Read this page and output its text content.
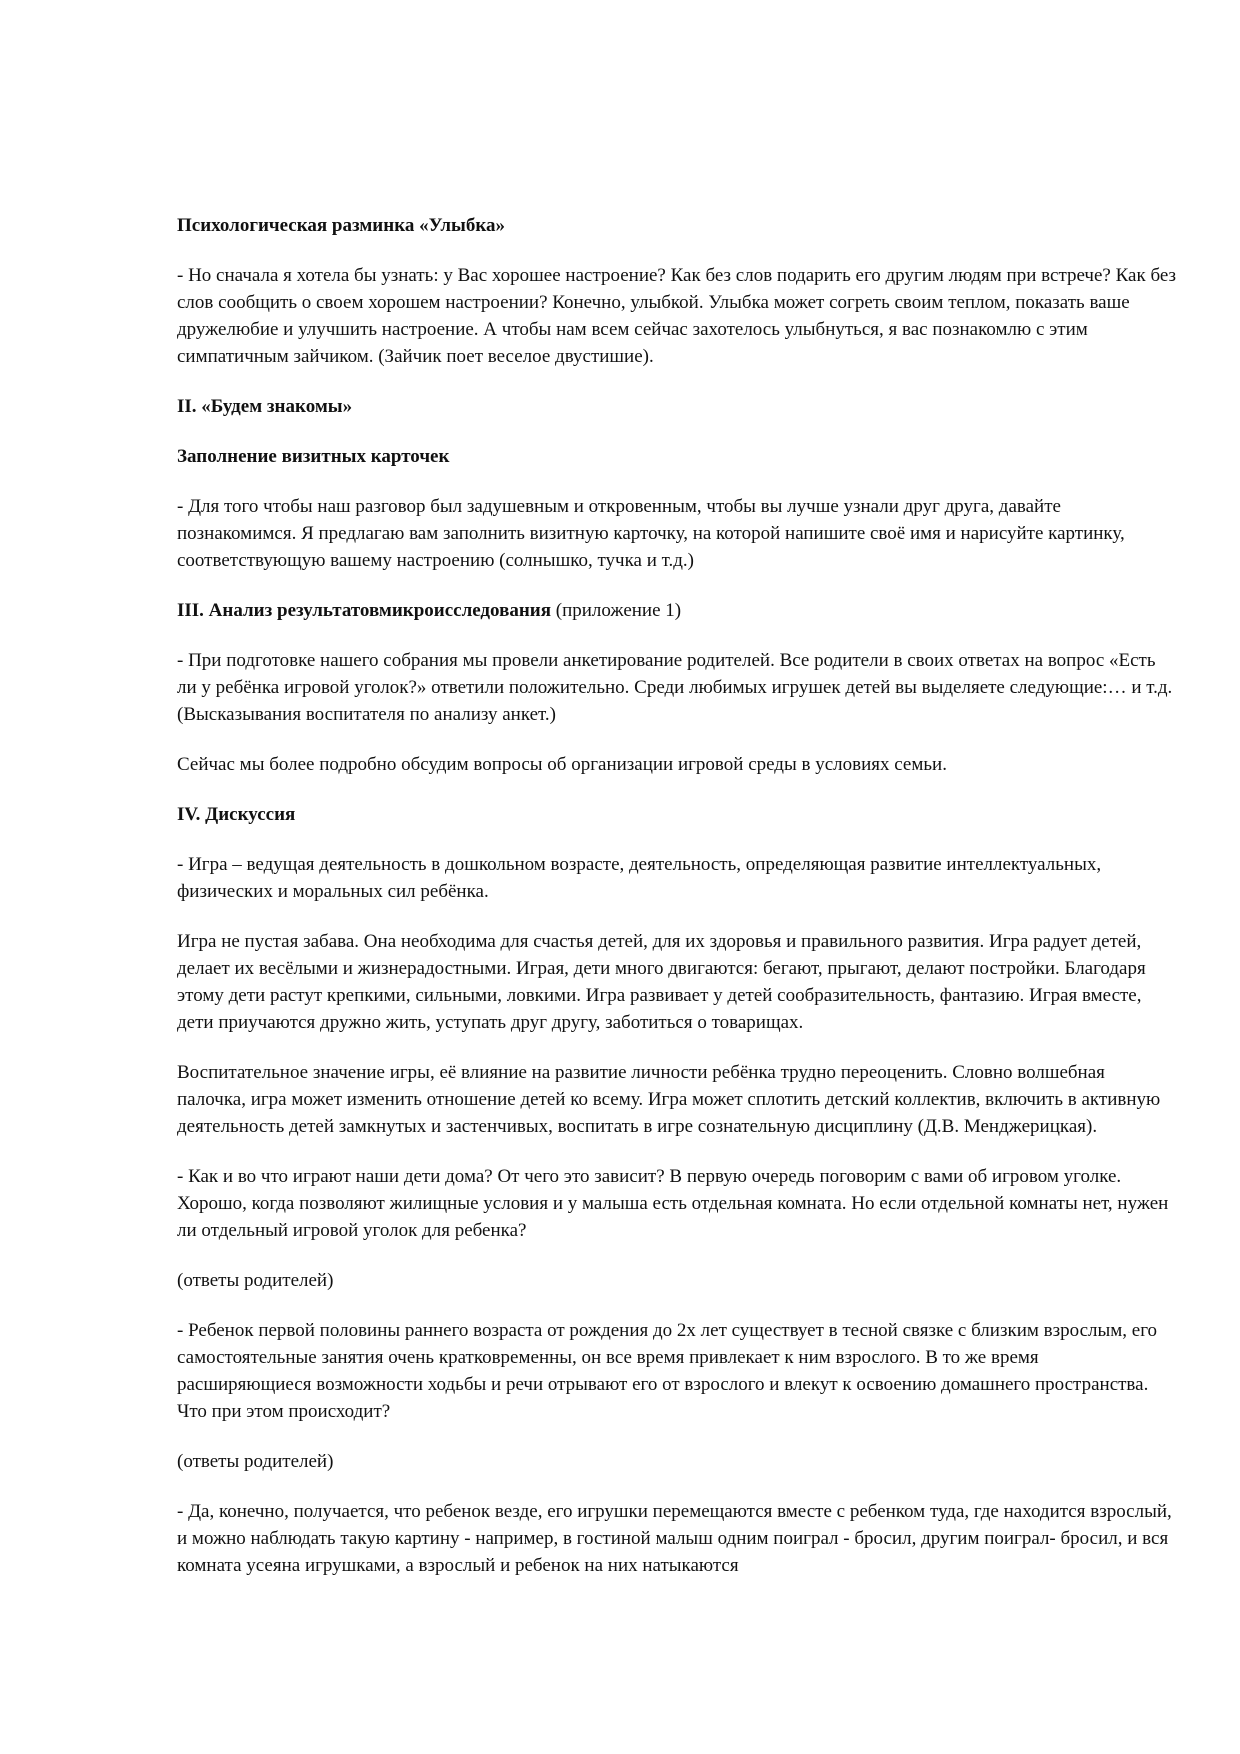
Психологическая разминка «Улыбка»

- Но сначала я хотела бы узнать: у Вас хорошее настроение? Как без слов подарить его другим людям при встрече? Как без слов сообщить о своем хорошем настроении? Конечно, улыбкой. Улыбка может согреть своим теплом, показать ваше дружелюбие и улучшить настроение. А чтобы нам всем сейчас захотелось улыбнуться, я вас познакомлю с этим симпатичным зайчиком. (Зайчик поет веселое двустишие).

II. «Будем знакомы»

Заполнение визитных карточек

- Для того чтобы наш разговор был задушевным и откровенным, чтобы вы лучше узнали друг друга, давайте познакомимся. Я предлагаю вам заполнить визитную карточку, на которой напишите своё имя и нарисуйте картинку, соответствующую вашему настроению (солнышко, тучка и т.д.)

III. Анализ результатовмикроисследования (приложение 1)

- При подготовке нашего собрания мы провели анкетирование родителей. Все родители в своих ответах на вопрос «Есть ли у ребёнка игровой уголок?» ответили положительно. Среди любимых игрушек детей вы выделяете следующие:… и т.д. (Высказывания воспитателя по анализу анкет.)

Сейчас мы более подробно обсудим вопросы об организации игровой среды в условиях семьи.

IV. Дискуссия

- Игра – ведущая деятельность в дошкольном возрасте, деятельность, определяющая развитие интеллектуальных, физических и моральных сил ребёнка.

Игра не пустая забава. Она необходима для счастья детей, для их здоровья и правильного развития. Игра радует детей, делает их весёлыми и жизнерадостными. Играя, дети много двигаются: бегают, прыгают, делают постройки. Благодаря этому дети растут крепкими, сильными, ловкими. Игра развивает у детей сообразительность, фантазию. Играя вместе, дети приучаются дружно жить, уступать друг другу, заботиться о товарищах.

Воспитательное значение игры, её влияние на развитие личности ребёнка трудно переоценить. Словно волшебная палочка, игра может изменить отношение детей ко всему. Игра может сплотить детский коллектив, включить в активную деятельность детей замкнутых и застенчивых, воспитать в игре сознательную дисциплину (Д.В. Менджерицкая).

- Как и во что играют наши дети дома? От чего это зависит? В первую очередь поговорим с вами об игровом уголке. Хорошо, когда позволяют жилищные условия и у малыша есть отдельная комната. Но если отдельной комнаты нет, нужен ли отдельный игровой уголок для ребенка?

(ответы родителей)

- Ребенок первой половины раннего возраста от рождения до 2х лет существует в тесной связке с близким взрослым, его самостоятельные занятия очень кратковременны, он все время привлекает к ним взрослого. В то же время расширяющиеся возможности ходьбы и речи отрывают его от взрослого и влекут к освоению домашнего пространства. Что при этом происходит?

(ответы родителей)

- Да, конечно, получается, что ребенок везде, его игрушки перемещаются вместе с ребенком туда, где находится взрослый, и можно наблюдать такую картину - например, в гостиной малыш одним поиграл - бросил, другим поиграл- бросил, и вся комната усеяна игрушками, а взрослый и ребенок на них натыкаются
